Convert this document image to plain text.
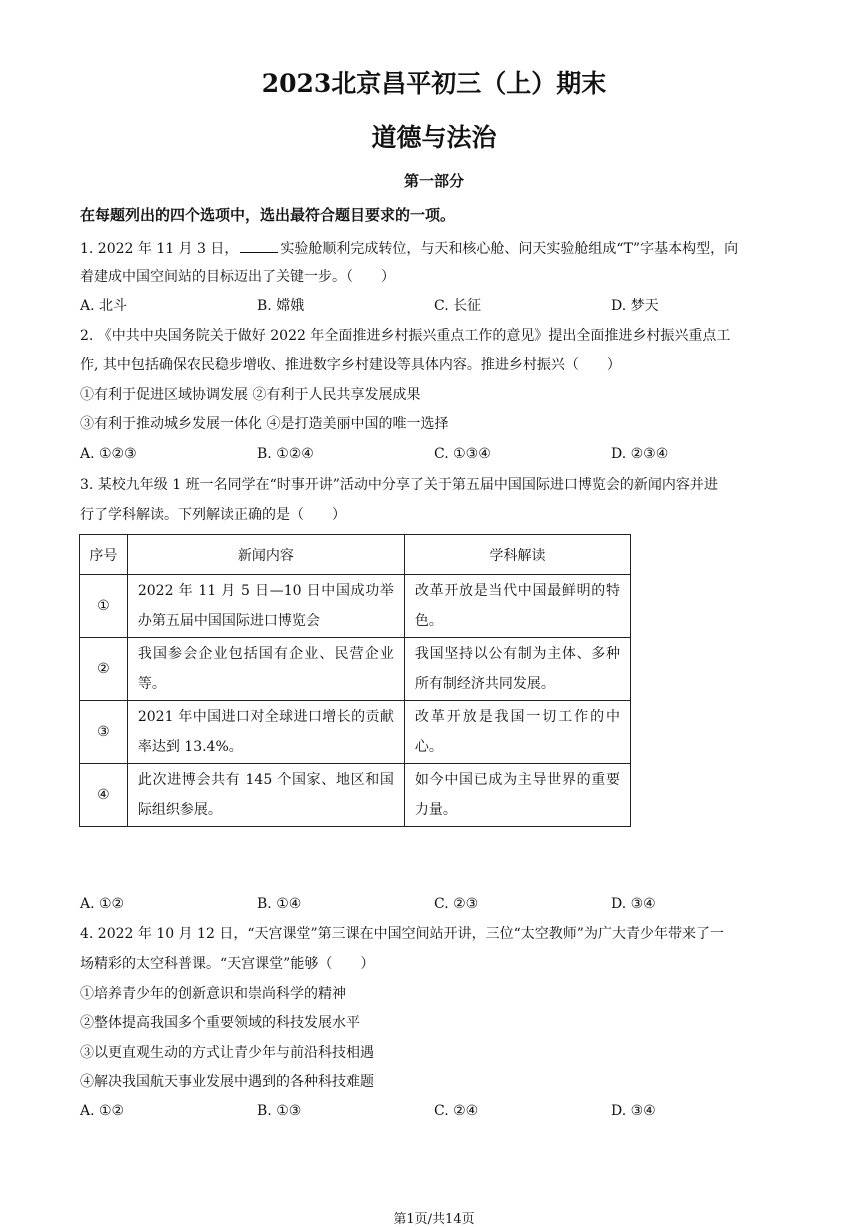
2023北京昌平初三（上）期末
道德与法治
第一部分
在每题列出的四个选项中，选出最符合题目要求的一项。
1. 2022 年 11 月 3 日，	实验舱顺利完成转位，与天和核心舱、问天实验舱组成“T”字基本构型，向
着建成中国空间站的目标迈出了关键一步。（　　）
A. 北斗	B. 嫦娥	C. 长征	D. 梦天
2. 《中共中央国务院关于做好 2022 年全面推进乡村振兴重点工作的意见》提出全面推进乡村振兴重点工
作, 其中包括确保农民稳步增收、推进数字乡村建设等具体内容。推进乡村振兴（　　）
①有利于促进区域协调发展 ②有利于人民共享发展成果
③有利于推动城乡发展一体化 ④是打造美丽中国的唯一选择
A. ①②③	B. ①②④	C. ①③④	D. ②③④
3. 某校九年级 1 班一名同学在“时事开讲”活动中分享了关于第五届中国国际进口博览会的新闻内容并进
行了学科解读。下列解读正确的是（　　）
序号	新闻内容	学科解读
①	2022 年 11 月 5 日—10 日中国成功举办第五届中国国际进口博览会	改革开放是当代中国最鲜明的特色。
②	我国参会企业包括国有企业、民营企业等。	我国坚持以公有制为主体、多种所有制经济共同发展。
③	2021 年中国进口对全球进口增长的贡献率达到 13.4%。	改革开放是我国一切工作的中心。
④	此次进博会共有 145 个国家、地区和国际组织参展。	如今中国已成为主导世界的重要力量。
A. ①②	B. ①④	C. ②③	D. ③④
4. 2022 年 10 月 12 日，“天宫课堂”第三课在中国空间站开讲，三位“太空教师”为广大青少年带来了一
场精彩的太空科普课。“天宫课堂”能够（　　）
①培养青少年的创新意识和崇尚科学的精神
②整体提高我国多个重要领域的科技发展水平
③以更直观生动的方式让青少年与前沿科技相遇
④解决我国航天事业发展中遇到的各种科技难题
A. ①②	B. ①③	C. ②④	D. ③④
第1页/共14页
